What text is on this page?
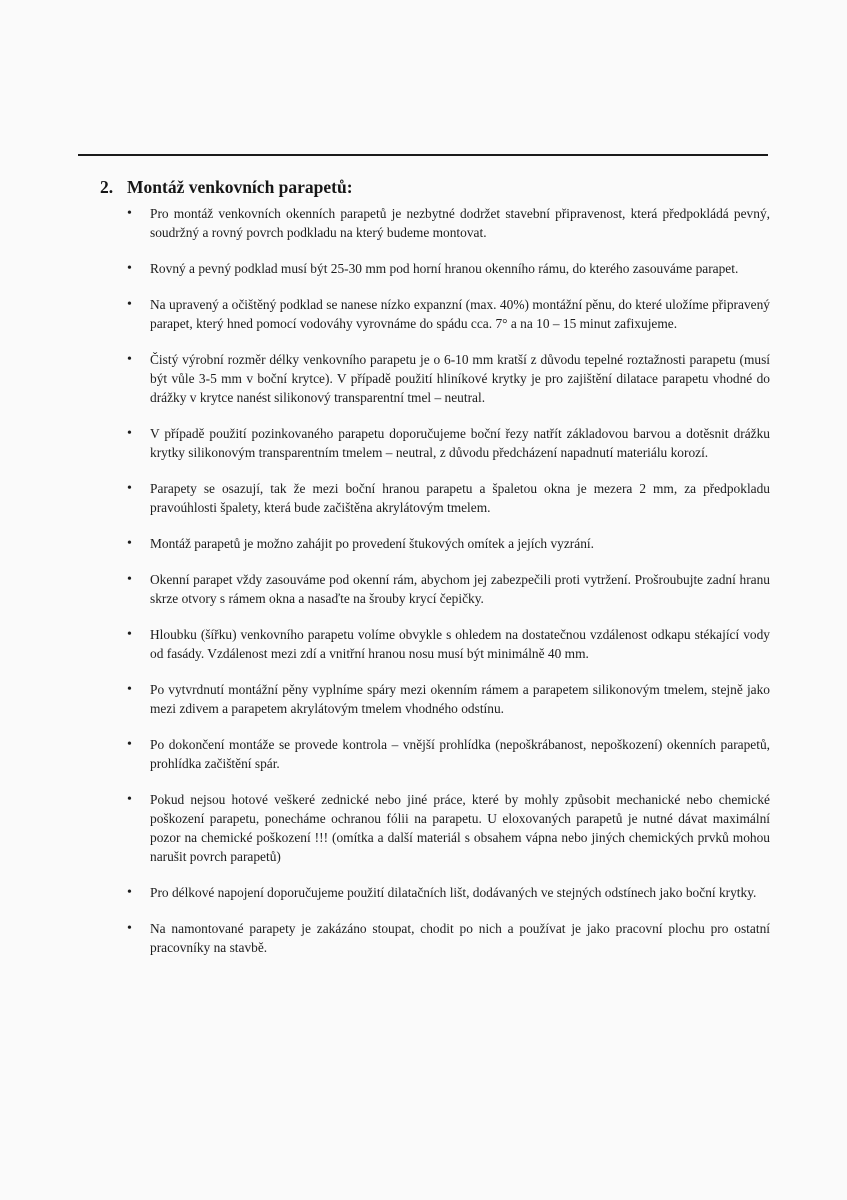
2. Montáž venkovních parapetů:
• Pro montáž venkovních okenních parapetů je nezbytné dodržet stavební připravenost, která předpokládá pevný, soudržný a rovný povrch podkladu na který budeme montovat.
• Rovný a pevný podklad musí být 25-30 mm pod horní hranou okenního rámu, do kterého zasouváme parapet.
• Na upravený a očištěný podklad se nanese nízko expanzní (max. 40%) montážní pěnu, do které uložíme připravený parapet, který hned pomocí vodováhy vyrovnáme do spádu cca. 7° a na 10 – 15 minut zafixujeme.
• Čistý výrobní rozměr délky venkovního parapetu je o 6-10 mm kratší z důvodu tepelné roztažnosti parapetu (musí být vůle 3-5 mm v boční krytce). V případě použití hliníkové krytky je pro zajištění dilatace parapetu vhodné do drážky v krytce nanést silikonový transparentní tmel – neutral.
• V případě použití pozinkovaného parapetu doporučujeme boční řezy natřít základovou barvou a dotěsnit drážku krytky silikonovým transparentním tmelem – neutral, z důvodu předcházení napadnutí materiálu korozí.
• Parapety se osazují, tak že mezi boční hranou parapetu a špaletou okna je mezera 2 mm, za předpokladu pravoúhlosti špalety, která bude začištěna akrylátovým tmelem.
• Montáž parapetů je možno zahájit po provedení štukových omítek a jejích vyzrání.
• Okenní parapet vždy zasouváme pod okenní rám, abychom jej zabezpečili proti vytržení. Prošroubujte zadní hranu skrze otvory s rámem okna a nasaďte na šrouby krycí čepičky.
• Hloubku (šířku) venkovního parapetu volíme obvykle s ohledem na dostatečnou vzdálenost odkapu stékající vody od fasády. Vzdálenost mezi zdí a vnitřní hranou nosu musí být minimálně 40 mm.
• Po vytvrdnutí montážní pěny vyplníme spáry mezi okenním rámem a parapetem silikonovým tmelem, stejně jako mezi zdivem a parapetem akrylátovým tmelem vhodného odstínu.
• Po dokončení montáže se provede kontrola – vnější prohlídka (nepoškrábanost, nepoškození) okenních parapetů, prohlídka začištění spár.
• Pokud nejsou hotové veškeré zednické nebo jiné práce, které by mohly způsobit mechanické nebo chemické poškození parapetu, ponecháme ochranou fólii na parapetu. U eloxovaných parapetů je nutné dávat maximální pozor na chemické poškození !!! (omítka a další materiál s obsahem vápna nebo jiných chemických prvků mohou narušit povrch parapetů)
• Pro délkové napojení doporučujeme použití dilatačních lišt, dodávaných ve stejných odstínech jako boční krytky.
• Na namontované parapety je zakázáno stoupat, chodit po nich a používat je jako pracovní plochu pro ostatní pracovníky na stavbě.
